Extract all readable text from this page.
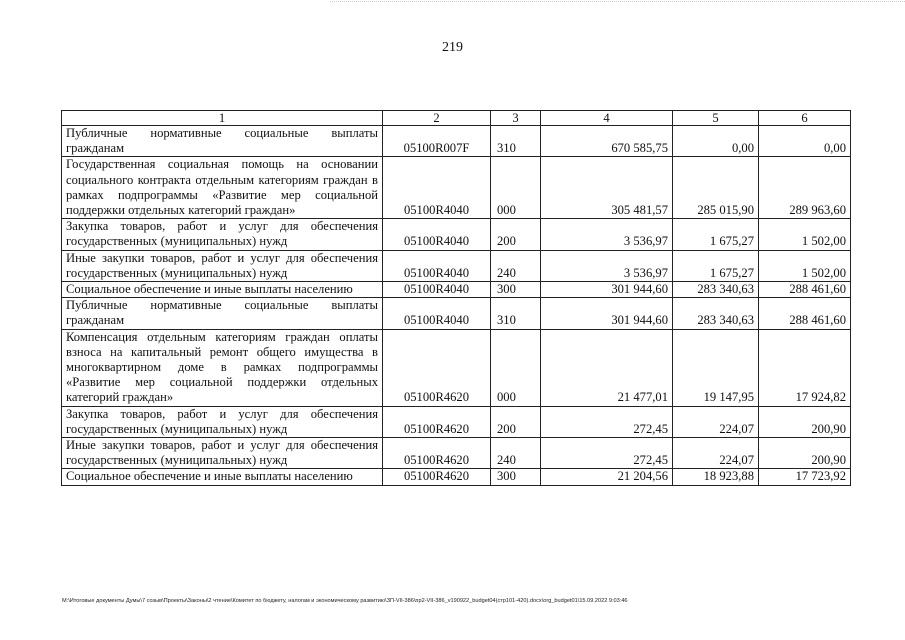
219
1	2	3	4	5	6
Публичные нормативные социальные выплаты гражданам	05100R007F	310	670 585,75	0,00	0,00
Государственная социальная помощь на основании социального контракта отдельным категориям граждан в рамках подпрограммы «Развитие мер социальной поддержки отдельных категорий граждан»	05100R4040	000	305 481,57	285 015,90	289 963,60
Закупка товаров, работ и услуг для обеспечения государственных (муниципальных) нужд	05100R4040	200	3 536,97	1 675,27	1 502,00
Иные закупки товаров, работ и услуг для обеспечения государственных (муниципальных) нужд	05100R4040	240	3 536,97	1 675,27	1 502,00
Социальное обеспечение и иные выплаты населению	05100R4040	300	301 944,60	283 340,63	288 461,60
Публичные нормативные социальные выплаты гражданам	05100R4040	310	301 944,60	283 340,63	288 461,60
Компенсация отдельным категориям граждан оплаты взноса на капитальный ремонт общего имущества в многоквартирном доме в рамках подпрограммы «Развитие мер социальной поддержки отдельных категорий граждан»	05100R4620	000	21 477,01	19 147,95	17 924,82
Закупка товаров, работ и услуг для обеспечения государственных (муниципальных) нужд	05100R4620	200	272,45	224,07	200,90
Иные закупки товаров, работ и услуг для обеспечения государственных (муниципальных) нужд	05100R4620	240	272,45	224,07	200,90
Социальное обеспечение и иные выплаты населению	05100R4620	300	21 204,56	18 923,88	17 723,92
M:\Итоговые документы Думы\7 созыв\Проекты\Законы\2 чтение\Комитет по бюджету, налогам и экономическому развитию\ЗП-VII-386\пр2-VII-386_v190922_budget04(стр101-420).docx\org_budget01\15.09.2022 9:03:46
